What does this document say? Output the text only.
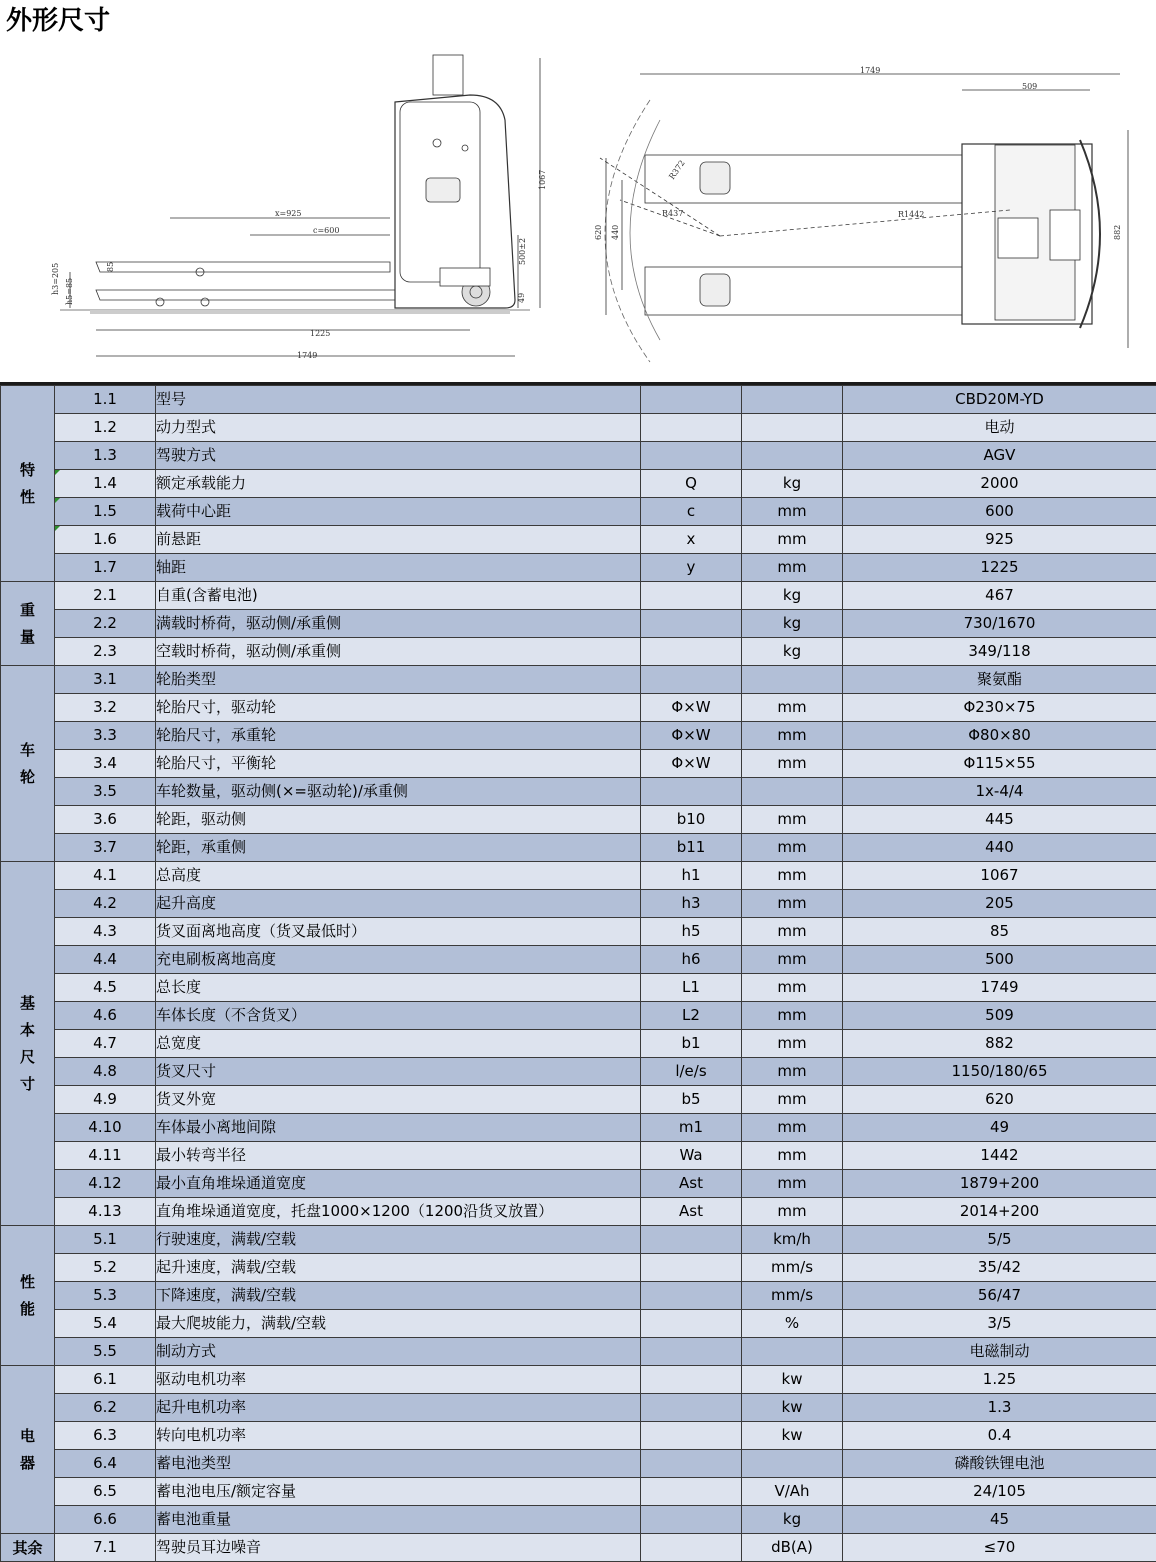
外形尺寸
x=925
c=600
1225
1749
1067
500±2
49
h3=205 h5=85
85
1749
509
R372
R437	R1442
620 440	882
特
性	1.1	型号			CBD20M-YD
	1.2	动力型式			电动
	1.3	驾驶方式			AGV
	1.4	额定承载能力	Q	kg	2000
	1.5	载荷中心距	c	mm	600
	1.6	前悬距	x	mm	925
	1.7	轴距	y	mm	1225
重
量	2.1	自重(含蓄电池)		kg	467
	2.2	满载时桥荷，驱动侧/承重侧		kg	730/1670
	2.3	空载时桥荷，驱动侧/承重侧		kg	349/118
车
轮	3.1	轮胎类型			聚氨酯
	3.2	轮胎尺寸，驱动轮	Φ×W	mm	Φ230×75
	3.3	轮胎尺寸，承重轮	Φ×W	mm	Φ80×80
	3.4	轮胎尺寸，平衡轮	Φ×W	mm	Φ115×55
	3.5	车轮数量，驱动侧(×=驱动轮)/承重侧			1x-4/4
	3.6	轮距，驱动侧	b10	mm	445
	3.7	轮距，承重侧	b11	mm	440
基
本
尺
寸	4.1	总高度	h1	mm	1067
	4.2	起升高度	h3	mm	205
	4.3	货叉面离地高度（货叉最低时）	h5	mm	85
	4.4	充电刷板离地高度	h6	mm	500
	4.5	总长度	L1	mm	1749
	4.6	车体长度（不含货叉）	L2	mm	509
	4.7	总宽度	b1	mm	882
	4.8	货叉尺寸	l/e/s	mm	1150/180/65
	4.9	货叉外宽	b5	mm	620
	4.10	车体最小离地间隙	m1	mm	49
	4.11	最小转弯半径	Wa	mm	1442
	4.12	最小直角堆垛通道宽度	Ast	mm	1879+200
	4.13	直角堆垛通道宽度，托盘1000×1200（1200沿货叉放置）	Ast	mm	2014+200
性
能	5.1	行驶速度，满载/空载		km/h	5/5
	5.2	起升速度，满载/空载		mm/s	35/42
	5.3	下降速度，满载/空载		mm/s	56/47
	5.4	最大爬坡能力，满载/空载		%	3/5
	5.5	制动方式			电磁制动
电
器	6.1	驱动电机功率		kw	1.25
	6.2	起升电机功率		kw	1.3
	6.3	转向电机功率		kw	0.4
	6.4	蓄电池类型			磷酸铁锂电池
	6.5	蓄电池电压/额定容量		V/Ah	24/105
	6.6	蓄电池重量		kg	45
其余	7.1	驾驶员耳边噪音		dB(A)	≤70
